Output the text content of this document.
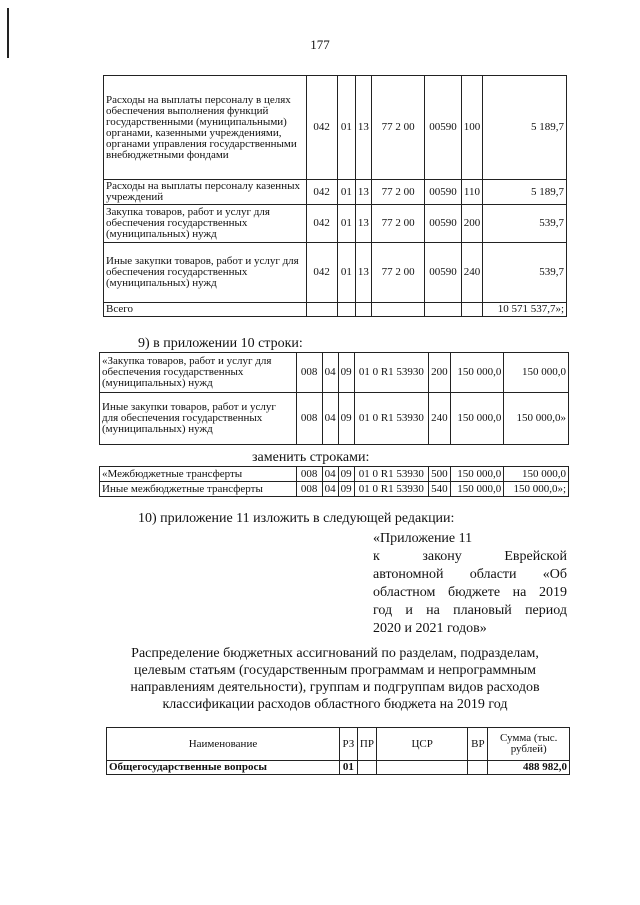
177
Расходы на выплаты персоналу в целях обеспечения выполнения функций государственными (муниципальными) органами, казенными учреждениями, органами управления государственными внебюджетными фондами	042	01	13	77 2 00	00590	100	5 189,7
Расходы на выплаты персоналу казенных учреждений	042	01	13	77 2 00	00590	110	5 189,7
Закупка товаров, работ и услуг для обеспечения государственных (муниципальных) нужд	042	01	13	77 2 00	00590	200	539,7
Иные закупки товаров, работ и услуг для обеспечения государственных (муниципальных) нужд	042	01	13	77 2 00	00590	240	539,7
Всего							10 571 537,7»;
9) в приложении 10 строки:
«Закупка товаров, работ и услуг для обеспечения государственных (муниципальных) нужд	008	04	09	01 0 R1 53930	200	150 000,0	150 000,0
Иные закупки товаров, работ и услуг для обеспечения государственных (муниципальных) нужд	008	04	09	01 0 R1 53930	240	150 000,0	150 000,0»
заменить строками:
«Межбюджетные трансферты	008	04	09	01 0 R1 53930	500	150 000,0	150 000,0
Иные межбюджетные трансферты	008	04	09	01 0 R1 53930	540	150 000,0	150 000,0»;
10) приложение 11 изложить в следующей редакции:
«Приложение 11
к закону Еврейской
автономной области «Об
областном бюджете на 2019
год и на плановый период
2020 и 2021 годов»
Распределение бюджетных ассигнований по разделам, подразделам,
целевым статьям (государственным программам и непрограммным
направлениям деятельности), группам и подгруппам видов расходов
классификации расходов областного бюджета на 2019 год
Наименование	РЗ	ПР	ЦСР	ВР	Сумма (тыс. рублей)
Общегосударственные вопросы	01				488 982,0
